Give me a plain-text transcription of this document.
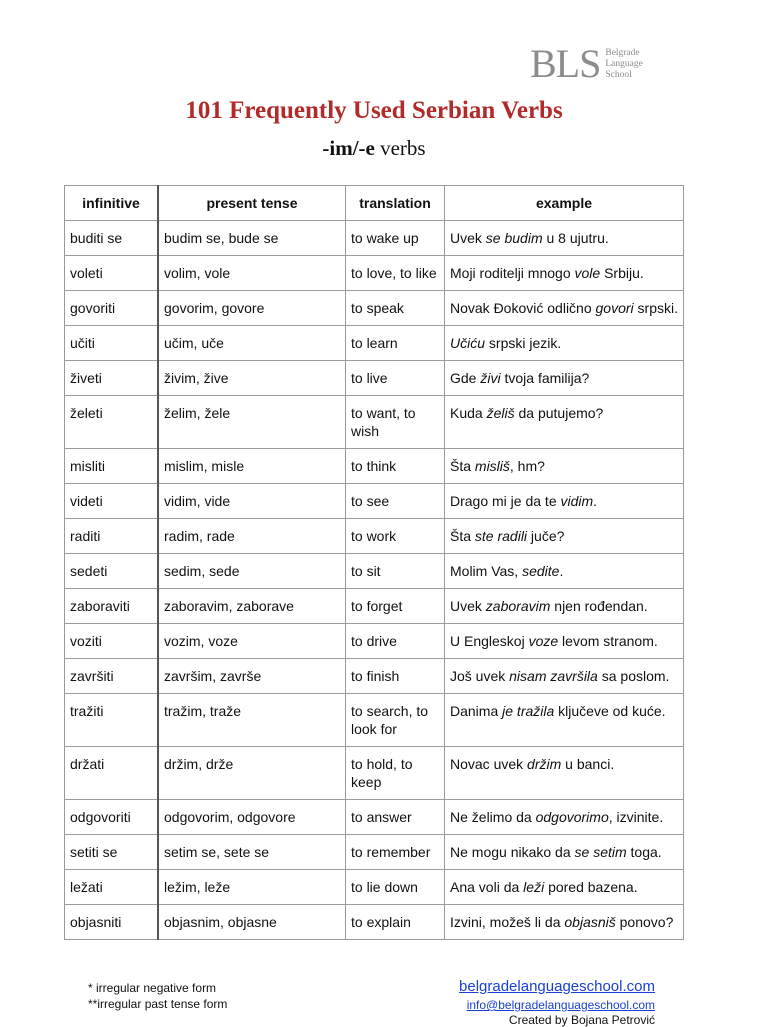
BLS Belgrade
Language
School
101 Frequently Used Serbian Verbs
-im/-e verbs
infinitive	present tense	translation	example
buditi se	budim se, bude se	to wake up	Uvek se budim u 8 ujutru.
voleti	volim, vole	to love, to like	Moji roditelji mnogo vole Srbiju.
govoriti	govorim, govore	to speak	Novak Đoković odlično govori srpski.
učiti	učim, uče	to learn	Učiću srpski jezik.
živeti	živim, žive	to live	Gde živi tvoja familija?
želeti	želim, žele	to want, to wish	Kuda želiš da putujemo?
misliti	mislim, misle	to think	Šta misliš, hm?
videti	vidim, vide	to see	Drago mi je da te vidim.
raditi	radim, rade	to work	Šta ste radili juče?
sedeti	sedim, sede	to sit	Molim Vas, sedite.
zaboraviti	zaboravim, zaborave	to forget	Uvek zaboravim njen rođendan.
voziti	vozim, voze	to drive	U Engleskoj voze levom stranom.
završiti	završim, završe	to finish	Još uvek nisam završila sa poslom.
tražiti	tražim, traže	to search, to look for	Danima je tražila ključeve od kuće.
držati	držim, drže	to hold, to keep	Novac uvek držim u banci.
odgovoriti	odgovorim, odgovore	to answer	Ne želimo da odgovorimo, izvinite.
setiti se	setim se, sete se	to remember	Ne mogu nikako da se setim toga.
ležati	ležim, leže	to lie down	Ana voli da leži pored bazena.
objasniti	objasnim, objasne	to explain	Izvini, možeš li da objasniš ponovo?
* irregular negative form
**irregular past tense form
belgradelanguageschool.com
info@belgradelanguageschool.com
Created by Bojana Petrović
